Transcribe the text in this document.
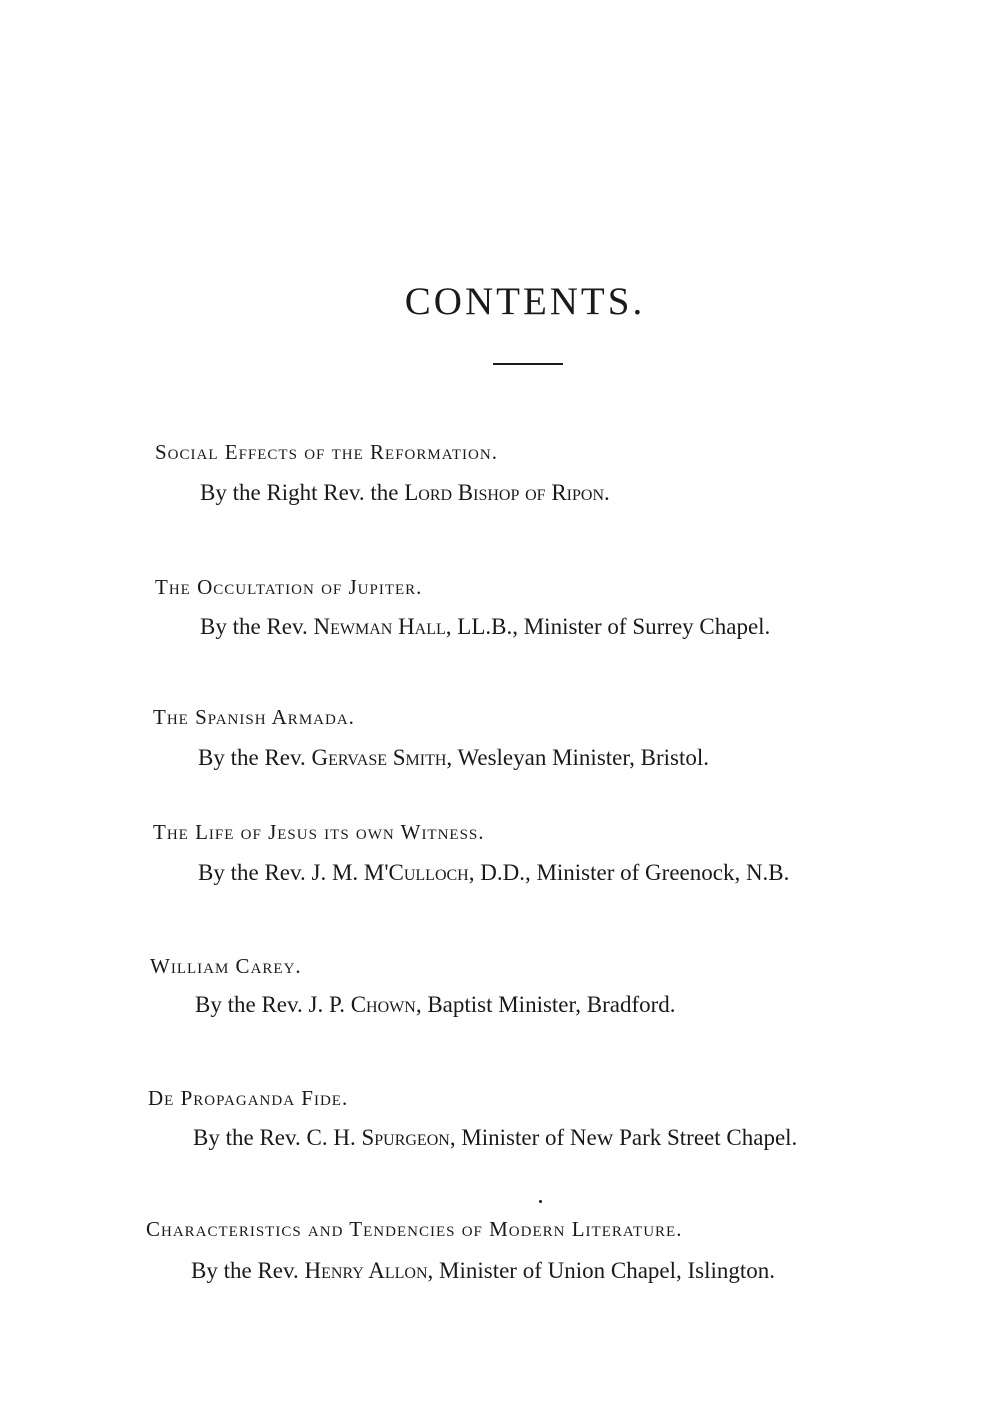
CONTENTS.
Social Effects of the Reformation.
By the Right Rev. the Lord Bishop of Ripon.
The Occultation of Jupiter.
By the Rev. Newman Hall, LL.B., Minister of Surrey Chapel.
The Spanish Armada.
By the Rev. Gervase Smith, Wesleyan Minister, Bristol.
The Life of Jesus its own Witness.
By the Rev. J. M. M'Culloch, D.D., Minister of Greenock, N.B.
William Carey.
By the Rev. J. P. Chown, Baptist Minister, Bradford.
De Propaganda Fide.
By the Rev. C. H. Spurgeon, Minister of New Park Street Chapel.
Characteristics and Tendencies of Modern Literature.
By the Rev. Henry Allon, Minister of Union Chapel, Islington.
